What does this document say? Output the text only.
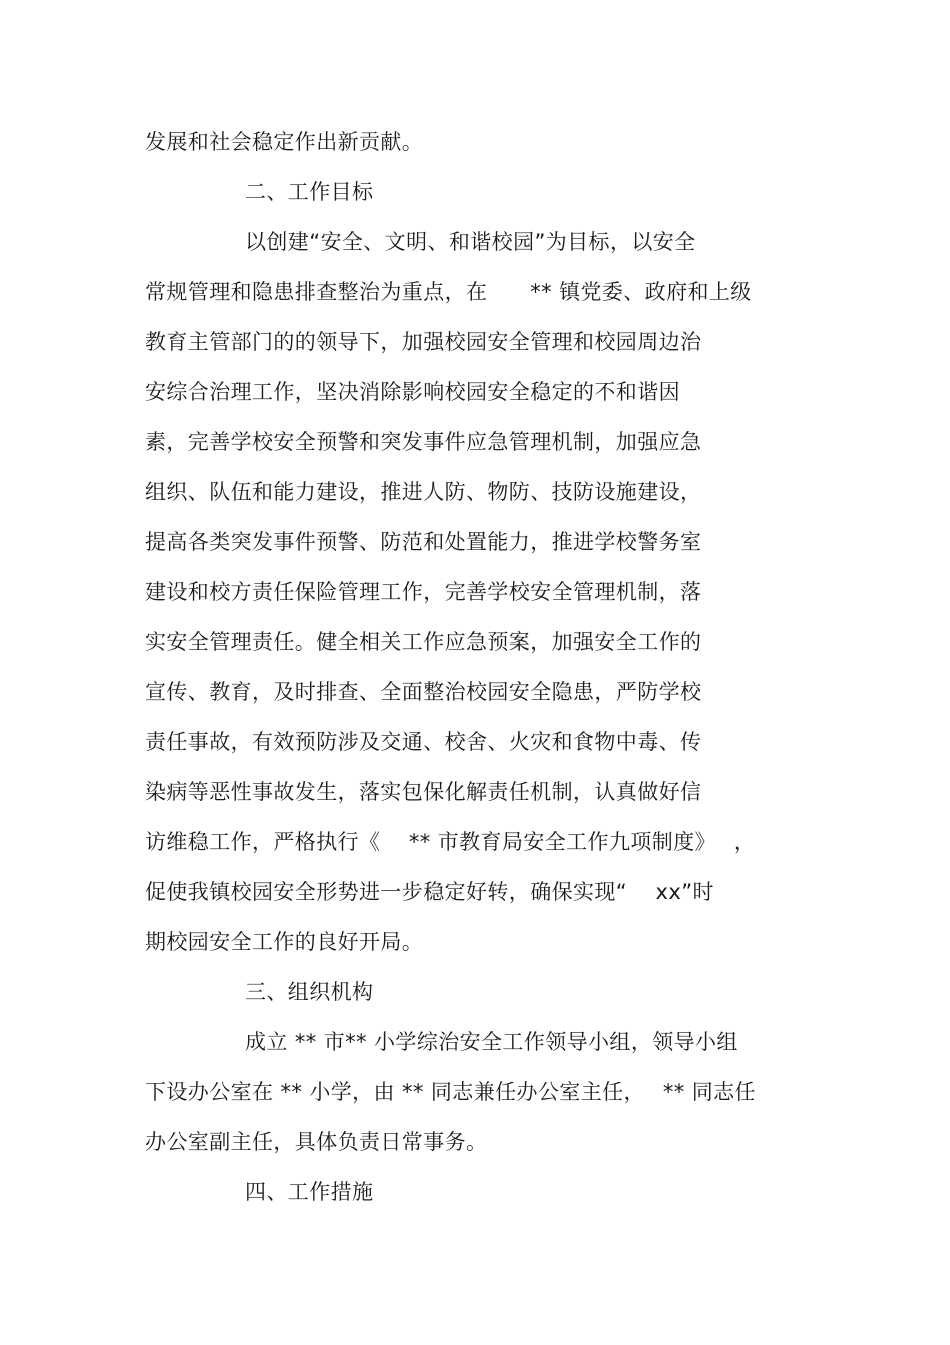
发展和社会稳定作出新贡献。
二、工作目标
以创建“安全、文明、和谐校园”为目标，以安全
常规管理和隐患排查整治为重点，在　　** 镇党委、政府和上级
教育主管部门的的领导下，加强校园安全管理和校园周边治
安综合治理工作，坚决消除影响校园安全稳定的不和谐因
素，完善学校安全预警和突发事件应急管理机制，加强应急
组织、队伍和能力建设，推进人防、物防、技防设施建设，
提高各类突发事件预警、防范和处置能力，推进学校警务室
建设和校方责任保险管理工作，完善学校安全管理机制，落
实安全管理责任。健全相关工作应急预案，加强安全工作的
宣传、教育，及时排查、全面整治校园安全隐患，严防学校
责任事故，有效预防涉及交通、校舍、火灾和食物中毒、传
染病等恶性事故发生，落实包保化解责任机制，认真做好信
访维稳工作，严格执行《　 ** 市教育局安全工作九项制度》　 ，
促使我镇校园安全形势进一步稳定好转，确保实现“　 xx”时
期校园安全工作的良好开局。
三、组织机构
成立 ** 市** 小学综治安全工作领导小组，领导小组
下设办公室在 ** 小学，由 ** 同志兼任办公室主任，　 ** 同志任
办公室副主任，具体负责日常事务。
四、工作措施
